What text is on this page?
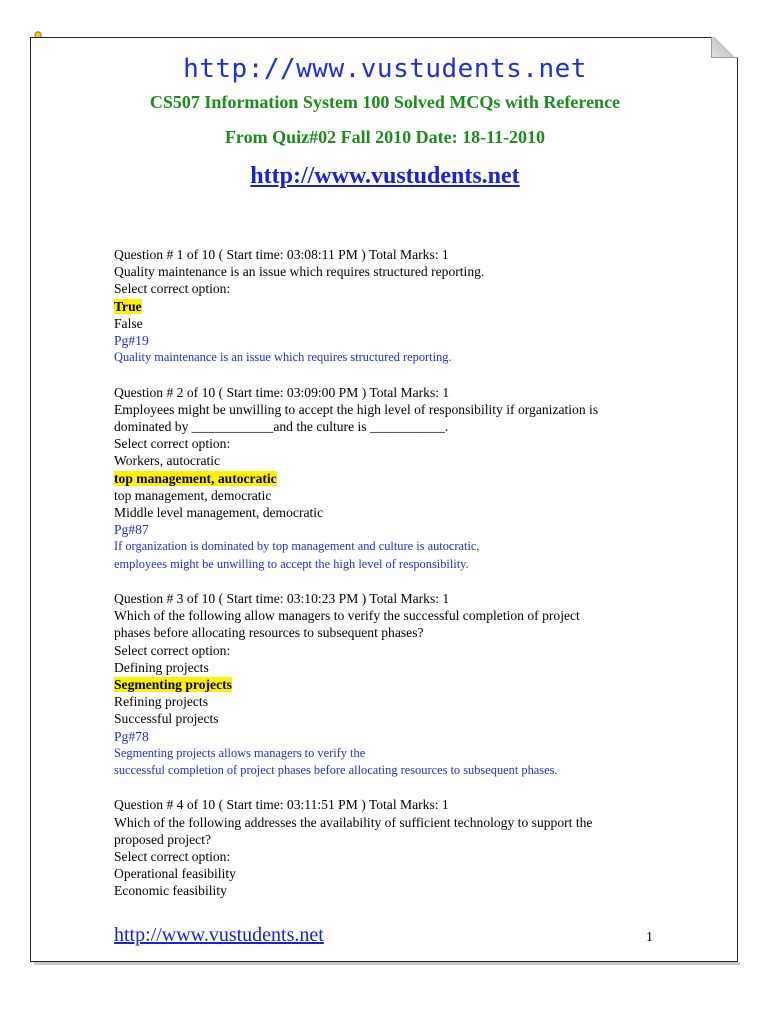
http://www.vustudents.net
CS507 Information System 100 Solved MCQs with Reference
From Quiz#02 Fall 2010 Date: 18-11-2010
http://www.vustudents.net
Question # 1 of 10 ( Start time: 03:08:11 PM ) Total Marks: 1
Quality maintenance is an issue which requires structured reporting.
Select correct option:
True
False
Pg#19
Quality maintenance is an issue which requires structured reporting.
Question # 2 of 10 ( Start time: 03:09:00 PM ) Total Marks: 1
Employees might be unwilling to accept the high level of responsibility if organization is
dominated by ____________and the culture is ___________.
Select correct option:
Workers, autocratic
top management, autocratic
top management, democratic
Middle level management, democratic
Pg#87
If organization is dominated by top management and culture is autocratic,
employees might be unwilling to accept the high level of responsibility.
Question # 3 of 10 ( Start time: 03:10:23 PM ) Total Marks: 1
Which of the following allow managers to verify the successful completion of project
phases before allocating resources to subsequent phases?
Select correct option:
Defining projects
Segmenting projects
Refining projects
Successful projects
Pg#78
Segmenting projects allows managers to verify the
successful completion of project phases before allocating resources to subsequent phases.
Question # 4 of 10 ( Start time: 03:11:51 PM ) Total Marks: 1
Which of the following addresses the availability of sufficient technology to support the
proposed project?
Select correct option:
Operational feasibility
Economic feasibility
http://www.vustudents.net	1
